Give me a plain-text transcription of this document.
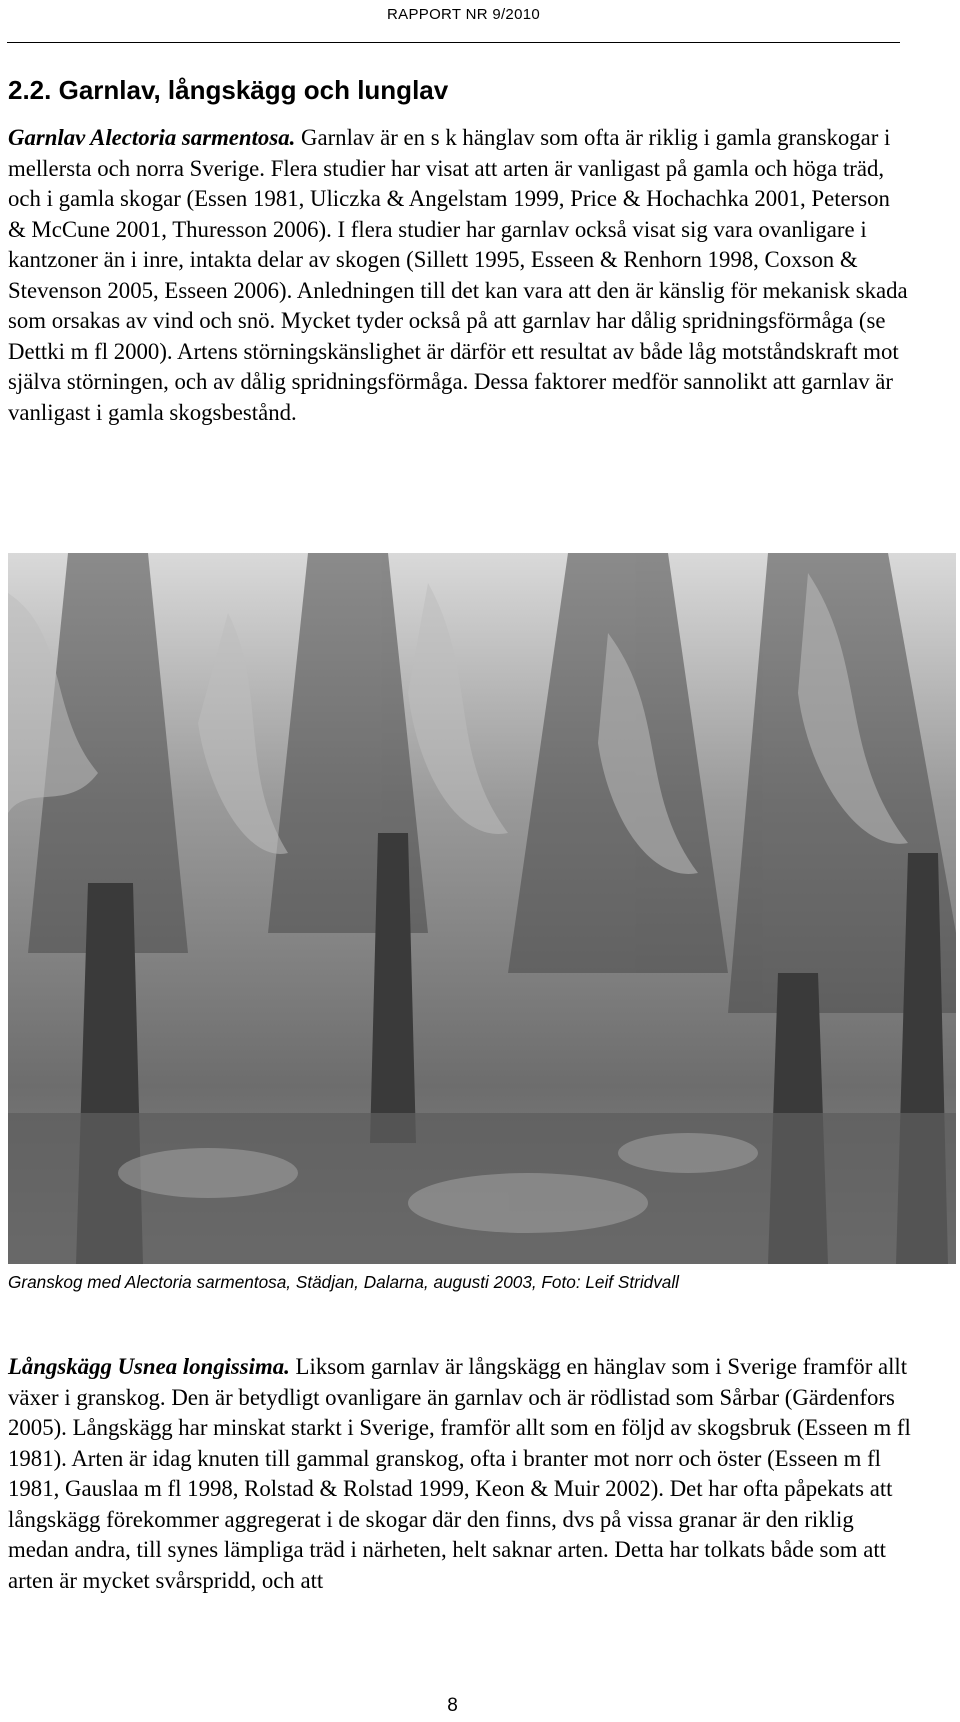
RAPPORT NR 9/2010
2.2. Garnlav, långskägg och lunglav

Garnlav Alectoria sarmentosa. Garnlav är en s k hänglav som ofta är riklig i gamla granskogar i mellersta och norra Sverige. Flera studier har visat att arten är vanligast på gamla och höga träd, och i gamla skogar (Essen 1981, Uliczka & Angelstam 1999, Price & Hochachka 2001, Peterson & McCune 2001, Thuresson 2006). I flera studier har garnlav också visat sig vara ovanligare i kantzoner än i inre, intakta delar av skogen (Sillett 1995, Esseen & Renhorn 1998, Coxson & Stevenson 2005, Esseen 2006). Anledningen till det kan vara att den är känslig för mekanisk skada som orsakas av vind och snö. Mycket tyder också på att garnlav har dålig spridningsförmåga (se Dettki m fl 2000). Artens störningskänslighet är därför ett resultat av både låg motståndskraft mot själva störningen, och av dålig spridningsförmåga. Dessa faktorer medför sannolikt att garnlav är vanligast i gamla skogsbestånd.

Granskog med Alectoria sarmentosa, Städjan, Dalarna, augusti 2003, Foto: Leif Stridvall

Långskägg Usnea longissima. Liksom garnlav är långskägg en hänglav som i Sverige framför allt växer i granskog. Den är betydligt ovanligare än garnlav och är rödlistad som Sårbar (Gärdenfors 2005). Långskägg har minskat starkt i Sverige, framför allt som en följd av skogsbruk (Esseen m fl 1981). Arten är idag knuten till gammal granskog, ofta i branter mot norr och öster (Esseen m fl 1981, Gauslaa m fl 1998, Rolstad & Rolstad 1999, Keon & Muir 2002). Det har ofta påpekats att långskägg förekommer aggregerat i de skogar där den finns, dvs på vissa granar är den riklig medan andra, till synes lämpliga träd i närheten, helt saknar arten. Detta har tolkats både som att arten är mycket svårspridd, och att

8
